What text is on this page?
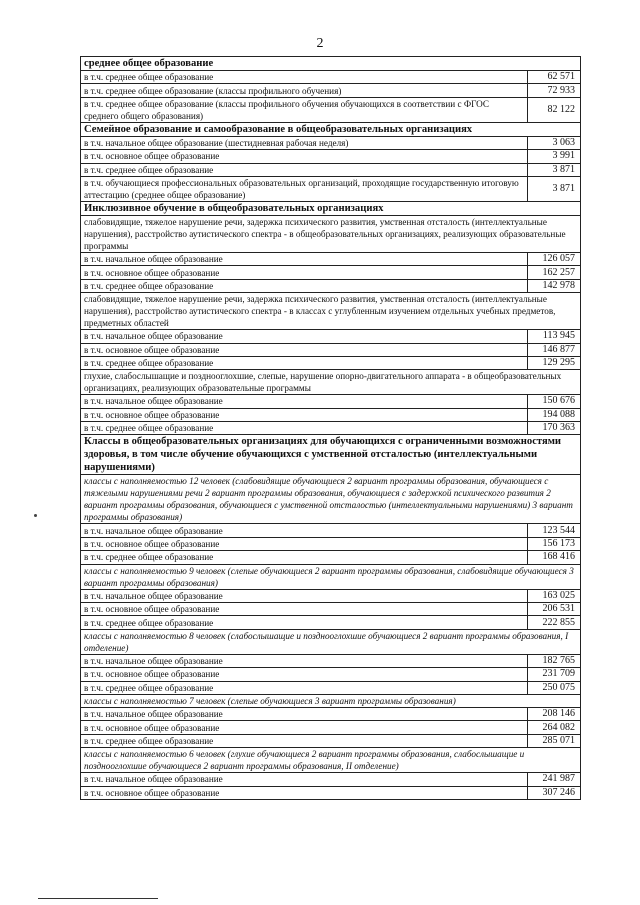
2
среднее общее образование	
в т.ч. среднее общее образование	62 571
в т.ч. среднее общее образование (классы профильного обучения)	72 933
в т.ч. среднее общее образование (классы профильного обучения обучающихся в соответствии с ФГОС среднего общего образования)	82 122
Семейное образование и самообразование в общеобразовательных организациях	
в т.ч. начальное общее образование (шестидневная рабочая неделя)	3 063
в т.ч. основное общее образование	3 991
в т.ч. среднее общее образование	3 871
в т.ч. обучающиеся профессиональных образовательных организаций, проходящие государственную итоговую аттестацию (среднее общее образование)	3 871
Инклюзивное обучение в общеобразовательных организациях	
слабовидящие, тяжелое нарушение речи, задержка психического развития, умственная отсталость (интеллектуальные нарушения), расстройство аутистического спектра - в общеобразовательных организациях, реализующих образовательные программы	
в т.ч. начальное общее образование	126 057
в т.ч. основное общее образование	162 257
в т.ч. среднее общее образование	142 978
слабовидящие, тяжелое нарушение речи, задержка психического развития, умственная отсталость (интеллектуальные нарушения), расстройство аутистического спектра - в классах с углубленным изучением отдельных учебных предметов, предметных областей	
в т.ч. начальное общее образование	113 945
в т.ч. основное общее образование	146 877
в т.ч. среднее общее образование	129 295
глухие, слабослышащие и позднооглохшие, слепые, нарушение опорно-двигательного аппарата - в общеобразовательных организациях, реализующих образовательные программы	
в т.ч. начальное общее образование	150 676
в т.ч. основное общее образование	194 088
в т.ч. среднее общее образование	170 363
Классы в общеобразовательных организациях для обучающихся с ограниченными возможностями здоровья, в том числе обучение обучающихся с умственной отсталостью (интеллектуальными нарушениями)	
классы с наполняемостью 12 человек (слабовидящие обучающиеся 2 вариант программы образования, обучающиеся с тяжелыми нарушениями речи 2 вариант программы образования, обучающиеся с задержкой психического развития 2 вариант программы образования, обучающиеся с умственной отсталостью (интеллектуальными нарушениями) 3 вариант программы образования)	
в т.ч. начальное общее образование	123 544
в т.ч. основное общее образование	156 173
в т.ч. среднее общее образование	168 416
классы с наполняемостью 9 человек (слепые обучающиеся 2 вариант программы образования, слабовидящие обучающиеся 3 вариант программы образования)	
в т.ч. начальное общее образование	163 025
в т.ч. основное общее образование	206 531
в т.ч. среднее общее образование	222 855
классы с наполняемостью 8 человек (слабослышащие и позднооглохшие обучающиеся 2 вариант программы образования, I отделение)	
в т.ч. начальное общее образование	182 765
в т.ч. основное общее образование	231 709
в т.ч. среднее общее образование	250 075
классы с наполняемостью 7 человек (слепые обучающиеся 3 вариант программы образования)	
в т.ч. начальное общее образование	208 146
в т.ч. основное общее образование	264 082
в т.ч. среднее общее образование	285 071
классы с наполняемостью 6 человек (глухие обучающиеся 2 вариант программы образования, слабослышащие и позднооглохшие обучающиеся 2 вариант программы образования, II отделение)	
в т.ч. начальное общее образование	241 987
в т.ч. основное общее образование	307 246
